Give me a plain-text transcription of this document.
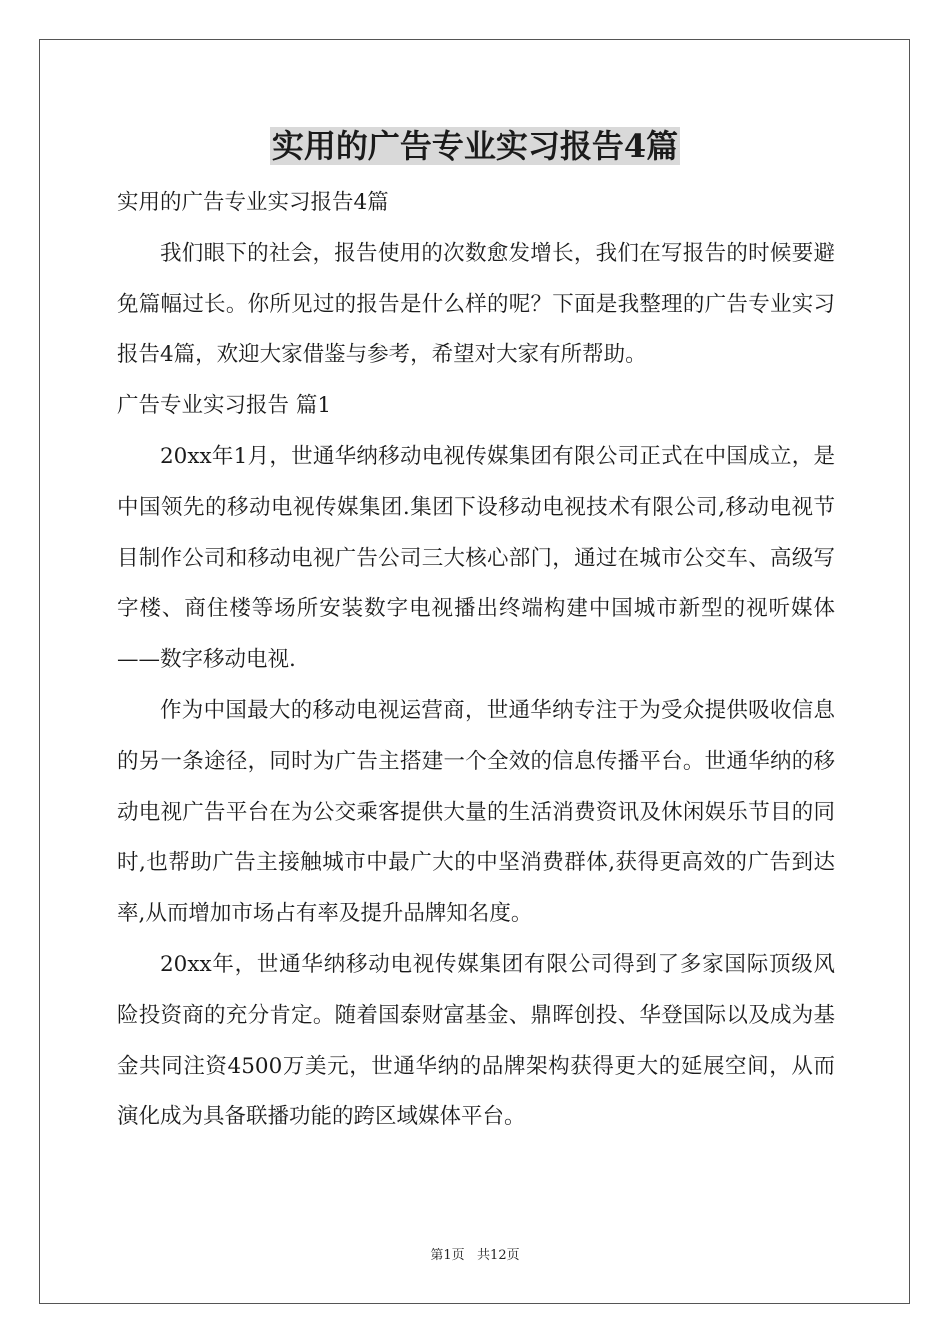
实用的广告专业实习报告4篇

实用的广告专业实习报告4篇

我们眼下的社会，报告使用的次数愈发增长，我们在写报告的时候要避免篇幅过长。你所见过的报告是什么样的呢？下面是我整理的广告专业实习报告4篇，欢迎大家借鉴与参考，希望对大家有所帮助。

广告专业实习报告 篇1

20xx年1月，世通华纳移动电视传媒集团有限公司正式在中国成立，是中国领先的移动电视传媒集团.集团下设移动电视技术有限公司,移动电视节目制作公司和移动电视广告公司三大核心部门，通过在城市公交车、高级写字楼、商住楼等场所安装数字电视播出终端构建中国城市新型的视听媒体——数字移动电视.

作为中国最大的移动电视运营商，世通华纳专注于为受众提供吸收信息的另一条途径，同时为广告主搭建一个全效的信息传播平台。世通华纳的移动电视广告平台在为公交乘客提供大量的生活消费资讯及休闲娱乐节目的同时,也帮助广告主接触城市中最广大的中坚消费群体,获得更高效的广告到达率,从而增加市场占有率及提升品牌知名度。

20xx年，世通华纳移动电视传媒集团有限公司得到了多家国际顶级风险投资商的充分肯定。随着国泰财富基金、鼎晖创投、华登国际以及成为基金共同注资4500万美元，世通华纳的品牌架构获得更大的延展空间，从而演化成为具备联播功能的跨区域媒体平台。

第1页   共12页
